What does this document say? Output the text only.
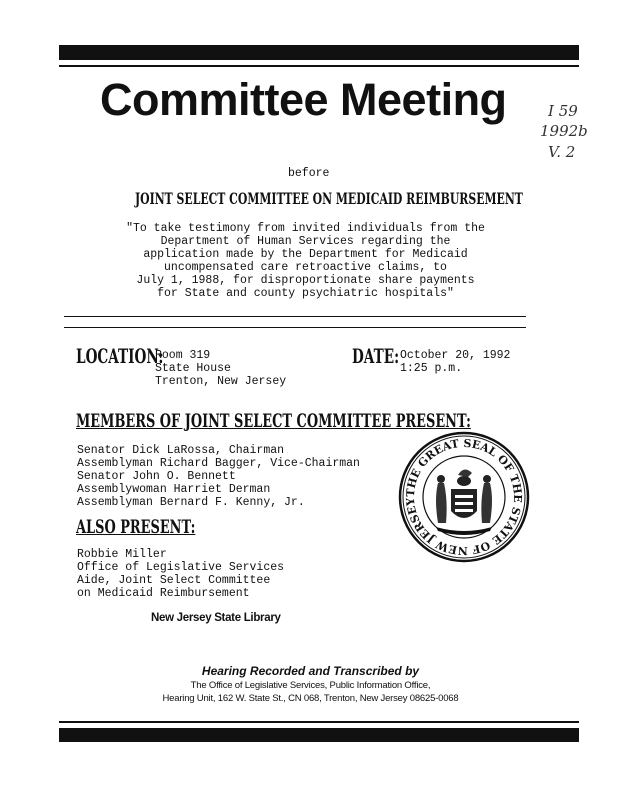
Committee Meeting	I 59
1992b
V. 2
before
JOINT SELECT COMMITTEE ON MEDICAID REIMBURSEMENT
"To take testimony from invited individuals from the
Department of Human Services regarding the
application made by the Department for Medicaid
uncompensated care retroactive claims, to
July 1, 1988, for disproportionate share payments
for State and county psychiatric hospitals"
LOCATION:
Room 319
State House
Trenton, New Jersey
DATE: October 20, 1992
1:25 p.m.
MEMBERS OF JOINT SELECT COMMITTEE PRESENT:
Senator Dick LaRossa, Chairman
Assemblyman Richard Bagger, Vice-Chairman
Senator John O. Bennett
Assemblywoman Harriet Derman
Assemblyman Bernard F. Kenny, Jr.
ALSO PRESENT:
Robbie Miller
Office of Legislative Services
Aide, Joint Select Committee
on Medicaid Reimbursement
THE GREAT SEAL OF THE STATE OF NEW JERSEY
New Jersey State Library
Hearing Recorded and Transcribed by
The Office of Legislative Services, Public Information Office,
Hearing Unit, 162 W. State St., CN 068, Trenton, New Jersey 08625-0068
